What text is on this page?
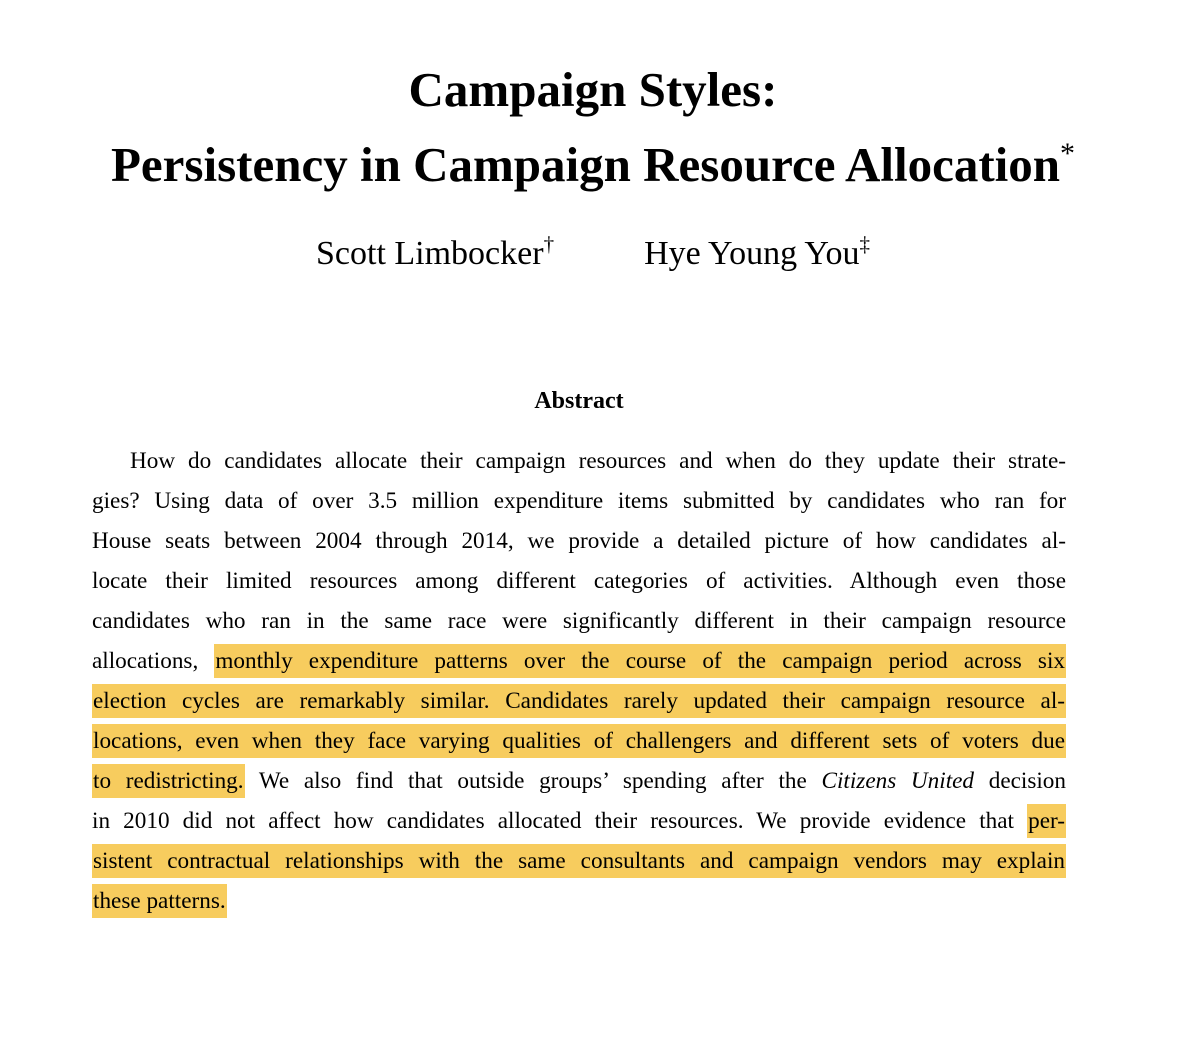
Campaign Styles:
Persistency in Campaign Resource Allocation*
Scott Limbocker†	Hye Young You‡
Abstract
How do candidates allocate their campaign resources and when do they update their strate-
gies? Using data of over 3.5 million expenditure items submitted by candidates who ran for
House seats between 2004 through 2014, we provide a detailed picture of how candidates al-
locate their limited resources among different categories of activities. Although even those
candidates who ran in the same race were significantly different in their campaign resource
allocations, monthly expenditure patterns over the course of the campaign period across six
election cycles are remarkably similar. Candidates rarely updated their campaign resource al-
locations, even when they face varying qualities of challengers and different sets of voters due
to redistricting. We also find that outside groups’ spending after the Citizens United decision
in 2010 did not affect how candidates allocated their resources. We provide evidence that per-
sistent contractual relationships with the same consultants and campaign vendors may explain
these patterns.
